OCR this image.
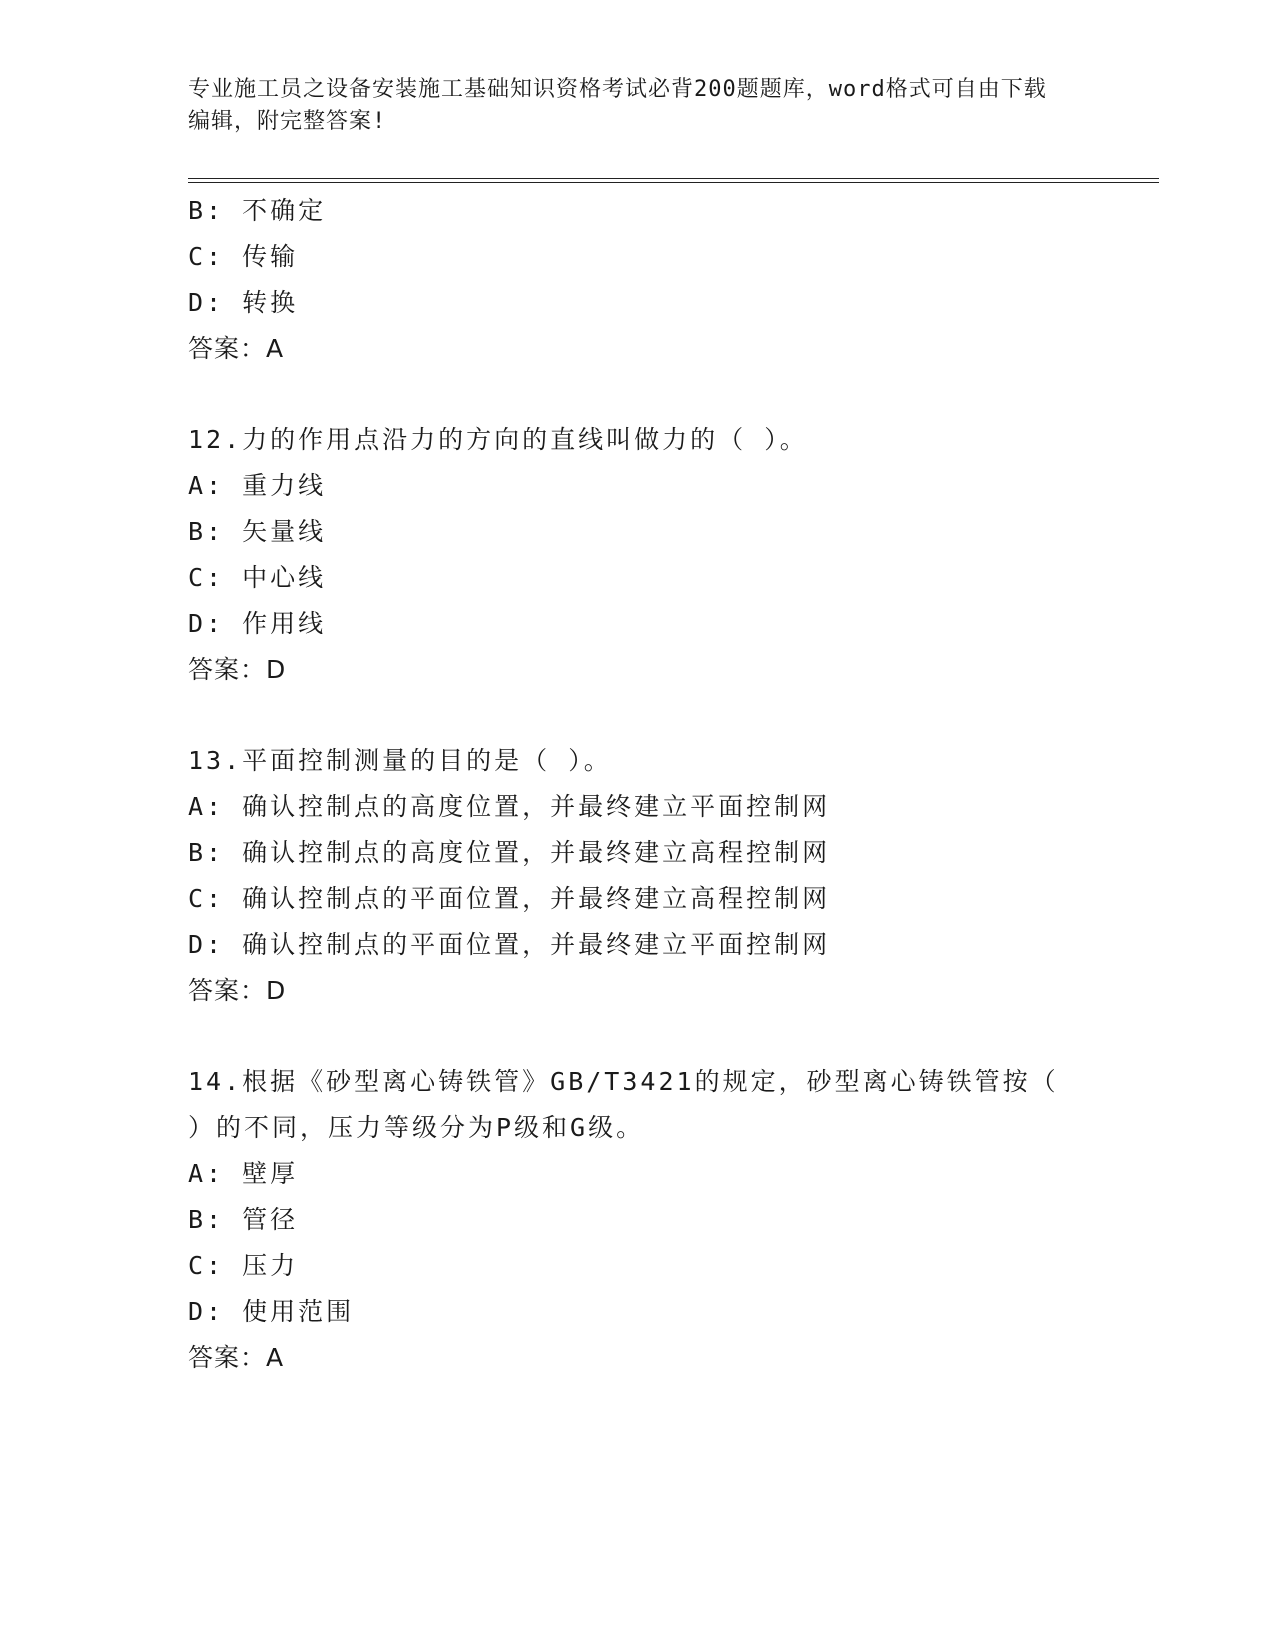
专业施工员之设备安装施工基础知识资格考试必背200题题库，word格式可自由下载编辑，附完整答案!
B: 不确定
C: 传输
D: 转换
答案：A
12.力的作用点沿力的方向的直线叫做力的（ ）。
A: 重力线
B: 矢量线
C: 中心线
D: 作用线
答案：D
13.平面控制测量的目的是（ ）。
A: 确认控制点的高度位置，并最终建立平面控制网
B: 确认控制点的高度位置，并最终建立高程控制网
C: 确认控制点的平面位置，并最终建立高程控制网
D: 确认控制点的平面位置，并最终建立平面控制网
答案：D
14.根据《砂型离心铸铁管》GB/T3421的规定，砂型离心铸铁管按（ ）的不同，压力等级分为P级和G级。
A: 壁厚
B: 管径
C: 压力
D: 使用范围
答案：A
